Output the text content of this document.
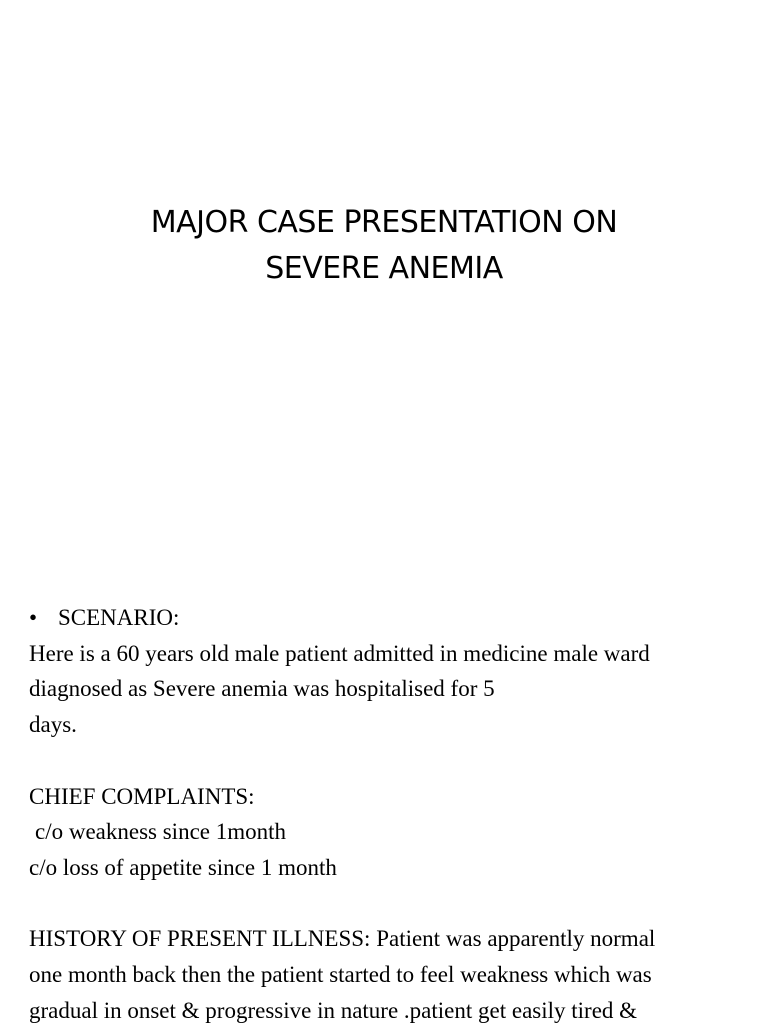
MAJOR CASE PRESENTATION ON
SEVERE ANEMIA
• SCENARIO:
Here is a 60 years old male patient admitted in medicine male ward
diagnosed as Severe anemia was hospitalised for 5
days.
CHIEF COMPLAINTS:
c/o weakness since 1month
c/o loss of appetite since 1 month
HISTORY OF PRESENT ILLNESS: Patient was apparently normal
one month back then the patient started to feel weakness which was
gradual in onset & progressive in nature .patient get easily tired &
